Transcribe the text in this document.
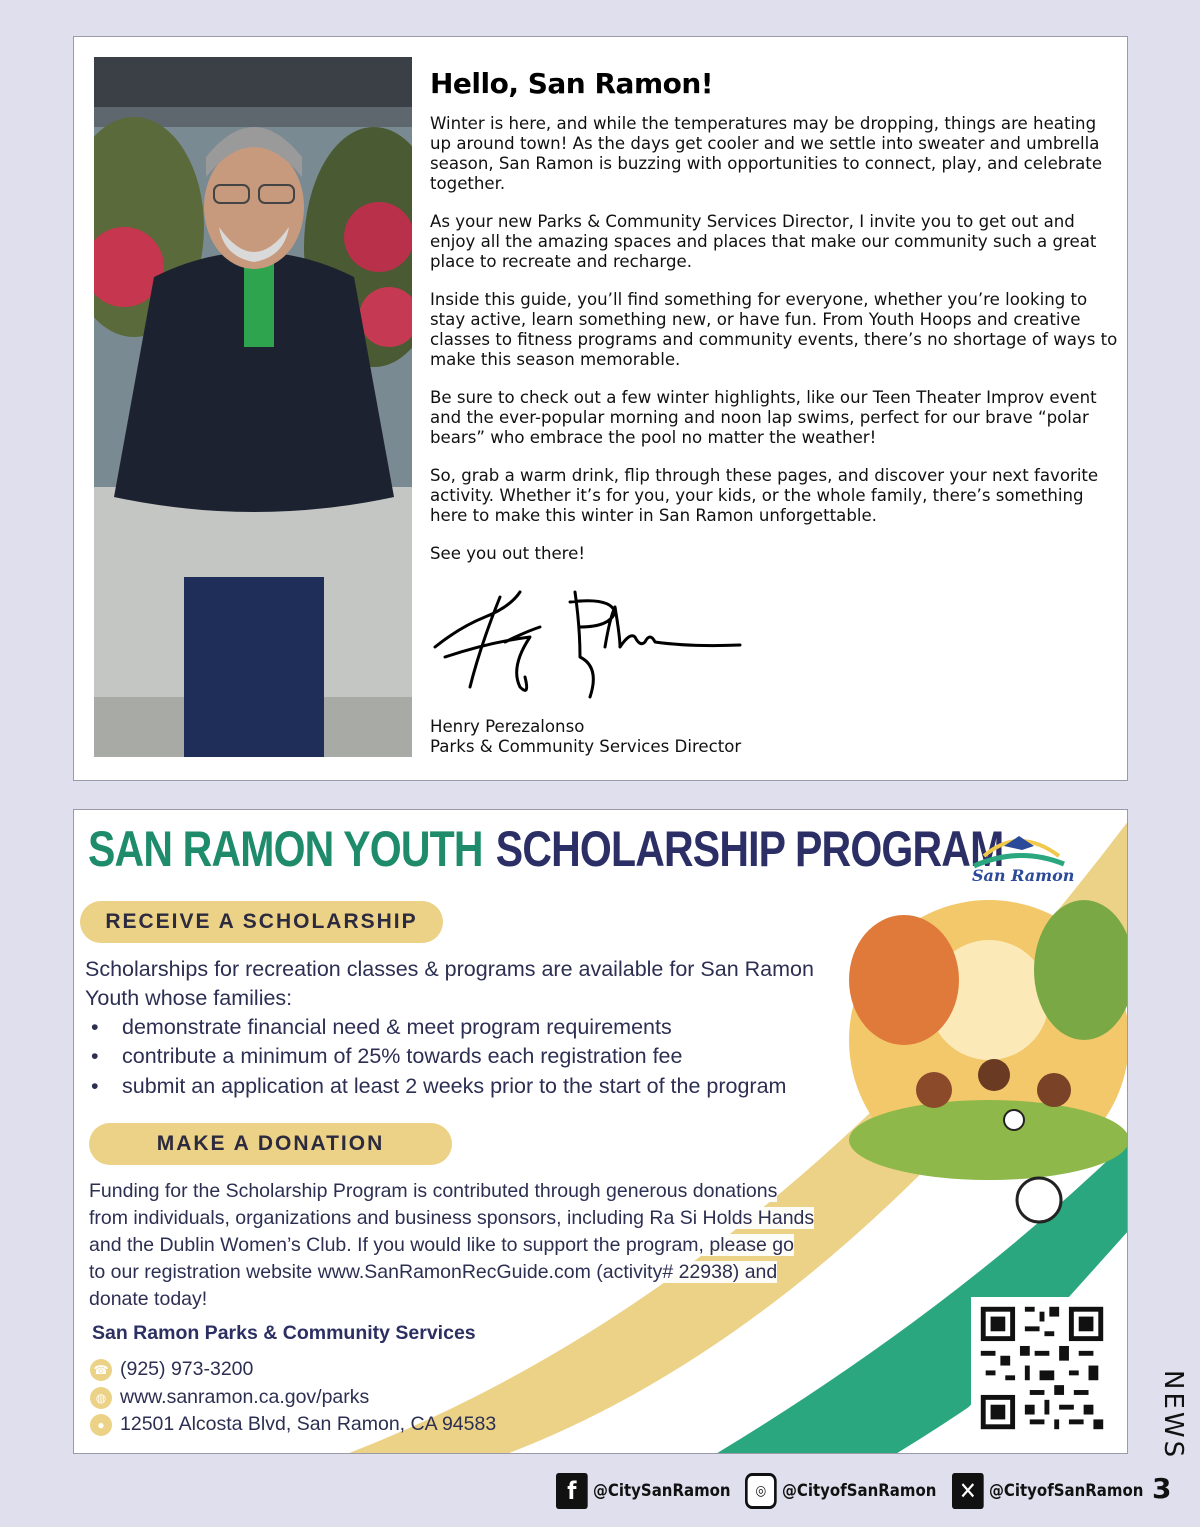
Hello, San Ramon!

Winter is here, and while the temperatures may be dropping, things are heating up around town! As the days get cooler and we settle into sweater and umbrella season, San Ramon is buzzing with opportunities to connect, play, and celebrate together.

As your new Parks & Community Services Director, I invite you to get out and enjoy all the amazing spaces and places that make our community such a great place to recreate and recharge.

Inside this guide, you’ll find something for everyone, whether you’re looking to stay active, learn something new, or have fun. From Youth Hoops and creative classes to fitness programs and community events, there’s no shortage of ways to make this season memorable.

Be sure to check out a few winter highlights, like our Teen Theater Improv event and the ever-popular morning and noon lap swims, perfect for our brave “polar bears” who embrace the pool no matter the weather!

So, grab a warm drink, flip through these pages, and discover your next favorite activity. Whether it’s for you, your kids, or the whole family, there’s something here to make this winter in San Ramon unforgettable.

See you out there!

Henry Perezalonso
Parks & Community Services Director
SAN RAMON YOUTH SCHOLARSHIP PROGRAM
San Ramon
RECEIVE A SCHOLARSHIP

Scholarships for recreation classes & programs are available for San Ramon Youth whose families:

• demonstrate financial need & meet program requirements
• contribute a minimum of 25% towards each registration fee
• submit an application at least 2 weeks prior to the start of the program
MAKE A DONATION
Funding for the Scholarship Program is contributed through generous donations
from individuals, organizations and business sponsors, including Ra Si Holds Hands
and the Dublin Women’s Club. If you would like to support the program, please go
to our registration website www.SanRamonRecGuide.com (activity# 22938) and
donate today!
San Ramon Parks & Community Services
☎ (925) 973-3200
◍ www.sanramon.ca.gov/parks
● 12501 Alcosta Blvd, San Ramon, CA 94583	NEWS
f @CitySanRamon	◎ @CityofSanRamon ✕ @CityofSanRamon 3
